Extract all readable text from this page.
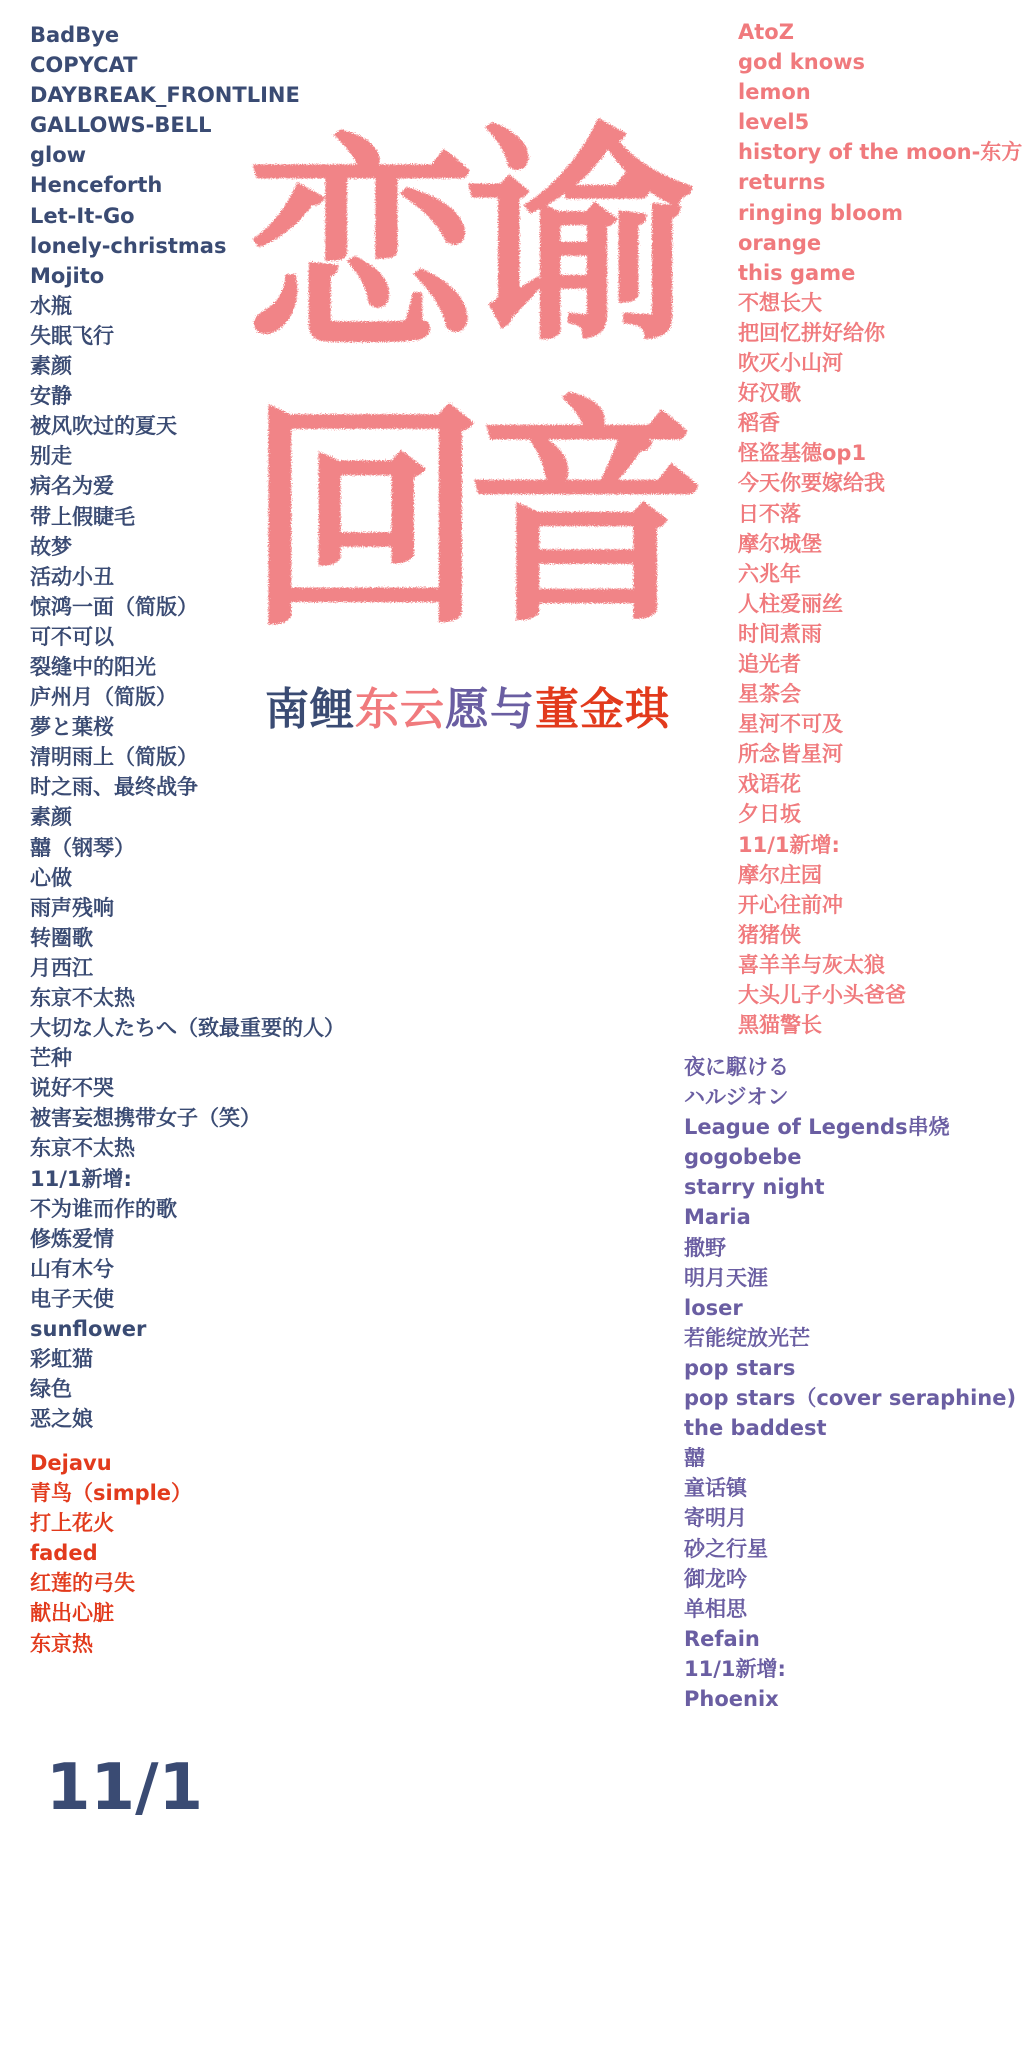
BadBye
COPYCAT
DAYBREAK_FRONTLINE
GALLOWS-BELL
glow
Henceforth
Let-It-Go
lonely-christmas
Mojito
水瓶
失眠飞行
素颜
安静
被风吹过的夏天
别走
病名为爱
带上假睫毛
故梦
活动小丑
惊鸿一面（简版）
可不可以
裂缝中的阳光
庐州月（简版）
夢と葉桜
清明雨上（简版）
时之雨、最终战争
素颜
囍（钢琴）
心做
雨声残响
转圈歌
月西江
东京不太热
大切な人たちへ（致最重要的人）
芒种
说好不哭
被害妄想携带女子（笑）
东京不太热
11/1新增:
不为谁而作的歌
修炼爱情
山有木兮
电子天使
sunflower
彩虹猫
绿色
恶之娘
Dejavu
青鸟（simple）
打上花火
faded
红莲的弓失
献出心脏
东京热
AtoZ
god knows
lemon
level5
history of the moon-东方
returns
ringing bloom
orange
this game
不想长大
把回忆拼好给你
吹灭小山河
好汉歌
稻香
怪盗基德op1
今天你要嫁给我
日不落
摩尔城堡
六兆年
人柱爱丽丝
时间煮雨
追光者
星茶会
星河不可及
所念皆星河
戏语花
夕日坂
11/1新增:
摩尔庄园
开心往前冲
猪猪侠
喜羊羊与灰太狼
大头儿子小头爸爸
黑猫警长
夜に駆ける
ハルジオン
League of Legends串烧
gogobebe
starry night
Maria
撒野
明月天涯
loser
若能绽放光芒
pop stars
pop stars（cover seraphine)
the baddest
囍
童话镇
寄明月
砂之行星
御龙吟
单相思
Refain
11/1新增:
Phoenix
恋
谕
回
音
南鲤东云愿与董金琪
11/1
